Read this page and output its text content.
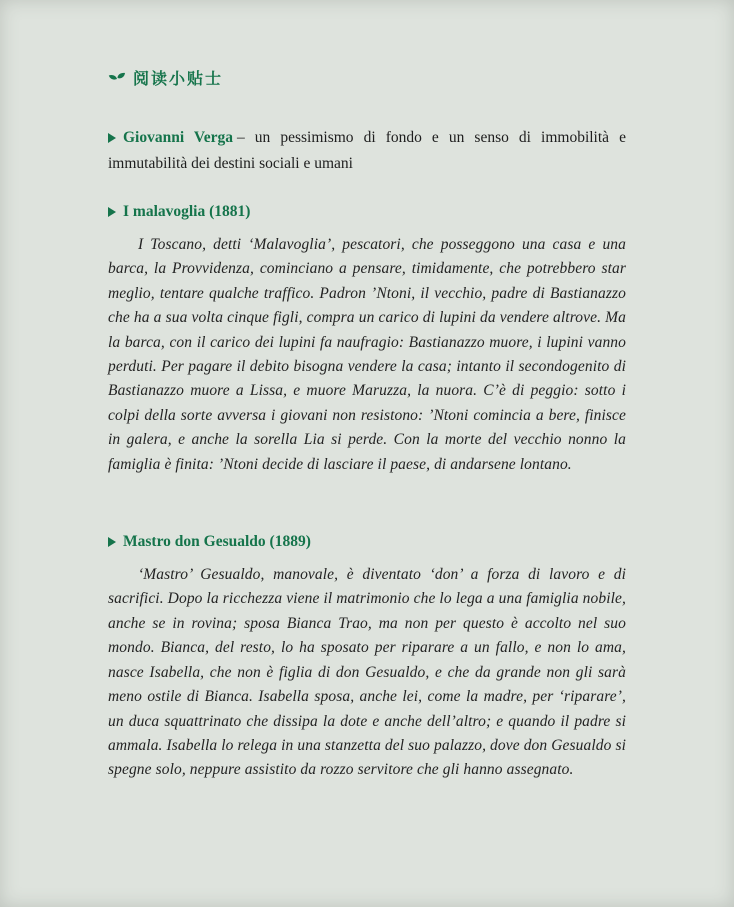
阅读小贴士

Giovanni Verga – un pessimismo di fondo e un senso di immobilità e immutabilità dei destini sociali e umani

I malavoglia (1881)

I Toscano, detti ‘Malavoglia’, pescatori, che posseggono una casa e una barca, la Provvidenza, cominciano a pensare, timidamente, che potrebbero star meglio, tentare qualche traffico. Padron ’Ntoni, il vecchio, padre di Bastianazzo che ha a sua volta cinque figli, compra un carico di lupini da vendere altrove. Ma la barca, con il carico dei lupini fa naufragio: Bastianazzo muore, i lupini vanno perduti. Per pagare il debito bisogna vendere la casa; intanto il secondogenito di Bastianazzo muore a Lissa, e muore Maruzza, la nuora. C’è di peggio: sotto i colpi della sorte avversa i giovani non resistono: ’Ntoni comincia a bere, finisce in galera, e anche la sorella Lia si perde. Con la morte del vecchio nonno la famiglia è finita: ’Ntoni decide di lasciare il paese, di andarsene lontano.

Mastro don Gesualdo (1889)

‘Mastro’ Gesualdo, manovale, è diventato ‘don’ a forza di lavoro e di sacrifici. Dopo la ricchezza viene il matrimonio che lo lega a una famiglia nobile, anche se in rovina; sposa Bianca Trao, ma non per questo è accolto nel suo mondo. Bianca, del resto, lo ha sposato per riparare a un fallo, e non lo ama, nasce Isabella, che non è figlia di don Gesualdo, e che da grande non gli sarà meno ostile di Bianca. Isabella sposa, anche lei, come la madre, per ‘riparare’, un duca squattrinato che dissipa la dote e anche dell’altro; e quando il padre si ammala. Isabella lo relega in una stanzetta del suo palazzo, dove don Gesualdo si spegne solo, neppure assistito da rozzo servitore che gli hanno assegnato.
